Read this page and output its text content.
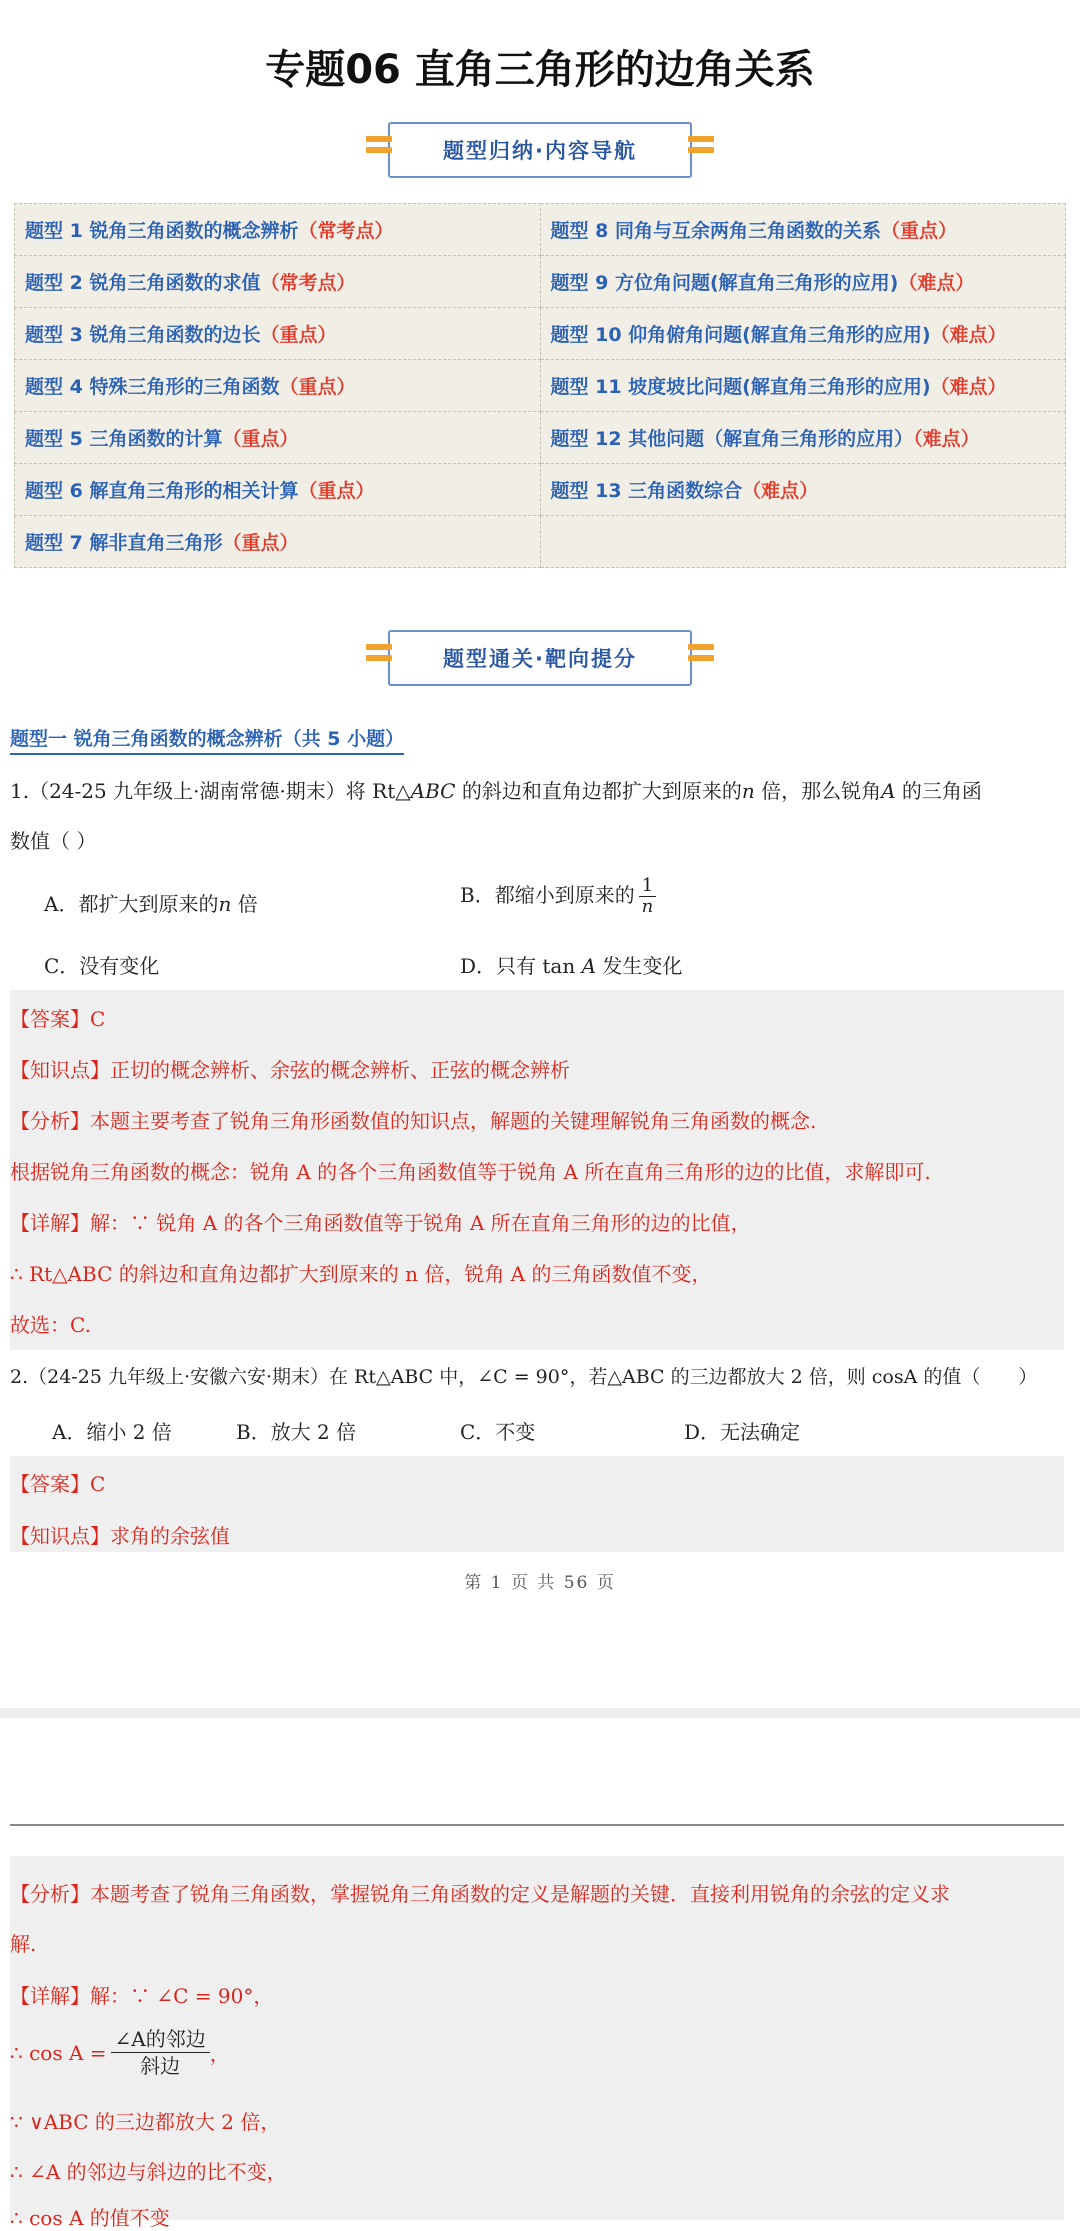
专题06 直角三角形的边角关系
题型归纳·内容导航
题型 1 锐角三角函数的概念辨析（常考点）	题型 8 同角与互余两角三角函数的关系（重点）
题型 2 锐角三角函数的求值（常考点）	题型 9 方位角问题(解直角三角形的应用)（难点）
题型 3 锐角三角函数的边长（重点）	题型 10 仰角俯角问题(解直角三角形的应用)（难点）
题型 4 特殊三角形的三角函数（重点）	题型 11 坡度坡比问题(解直角三角形的应用)（难点）
题型 5 三角函数的计算（重点）	题型 12 其他问题（解直角三角形的应用）（难点）
题型 6 解直角三角形的相关计算（重点）	题型 13 三角函数综合（难点）
题型 7 解非直角三角形（重点）	
题型通关·靶向提分
题型一 锐角三角函数的概念辨析（共 5 小题）
1.（24-25 九年级上·湖南常德·期末）将 Rt△ABC 的斜边和直角边都扩大到原来的n 倍，那么锐角A 的三角函
数值（ ）
A．都扩大到原来的n 倍	B．都缩小到原来的 $\frac{1}{n}$
C．没有变化	D．只有 tan A 发生变化
【答案】C
【知识点】正切的概念辨析、余弦的概念辨析、正弦的概念辨析
【分析】本题主要考查了锐角三角形函数值的知识点，解题的关键理解锐角三角函数的概念.
根据锐角三角函数的概念：锐角 A 的各个三角函数值等于锐角 A 所在直角三角形的边的比值，求解即可.
【详解】解：∵ 锐角 A 的各个三角函数值等于锐角 A 所在直角三角形的边的比值，
∴ Rt△ABC 的斜边和直角边都扩大到原来的 n 倍，锐角 A 的三角函数值不变，
故选：C.
2.（24-25 九年级上·安徽六安·期末）在 Rt△ABC 中，∠C = 90°，若△ABC 的三边都放大 2 倍，则 cosA 的值（　　）
A．缩小 2 倍	B．放大 2 倍	C．不变	D．无法确定
【答案】C
【知识点】求角的余弦值
第 1 页 共 56 页
【分析】本题考查了锐角三角函数，掌握锐角三角函数的定义是解题的关键．直接利用锐角的余弦的定义求
解.
【详解】解：∵ ∠C = 90°，
∴ $\cos A = \frac{\text{∠A的邻边}}{\text{斜边}}$ ，
∵ ∨ABC 的三边都放大 2 倍，
∴ ∠A 的邻边与斜边的比不变，
∴ cos A 的值不变
